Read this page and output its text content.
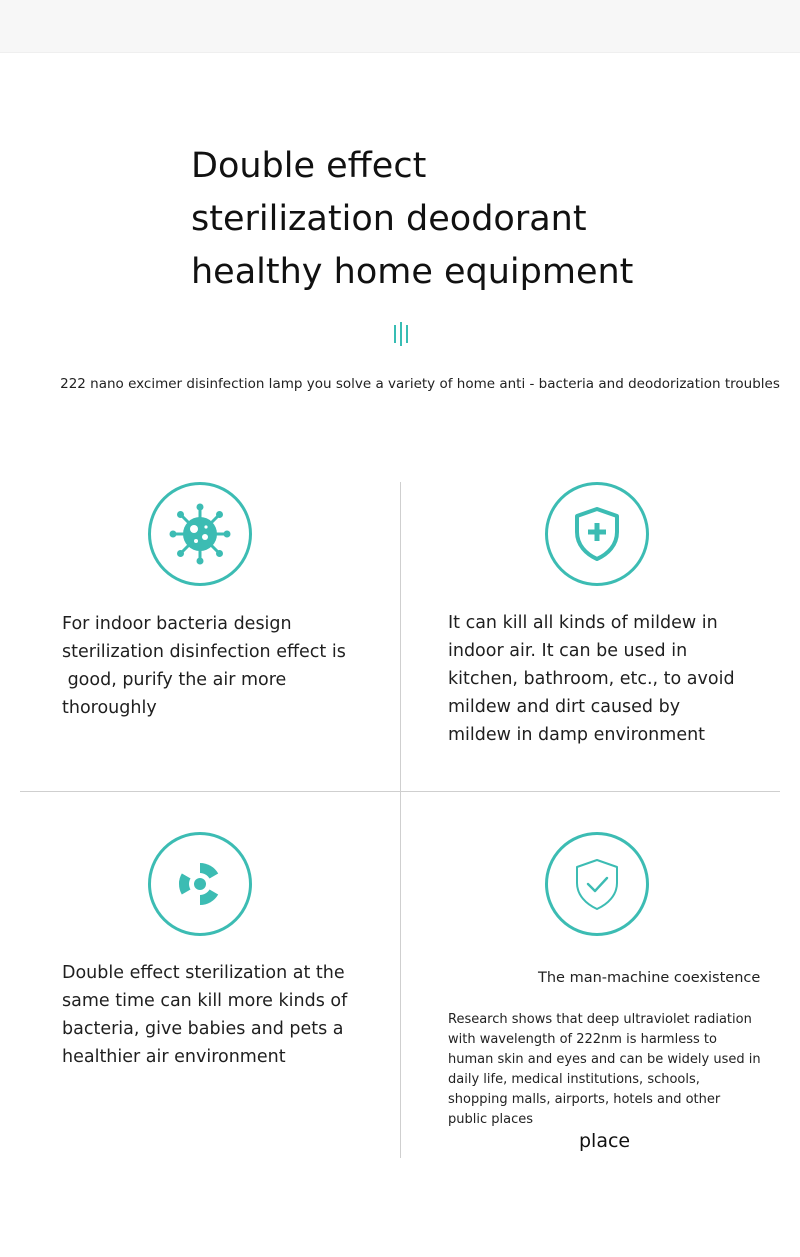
Double effect
sterilization deodorant
healthy home equipment
222 nano excimer disinfection lamp you solve a variety of home anti - bacteria and deodorization troubles
For indoor bacteria design
sterilization disinfection effect is
good, purify the air more
thoroughly
It can kill all kinds of mildew in
indoor air. It can be used in
kitchen, bathroom, etc., to avoid
mildew and dirt caused by
mildew in damp environment
Double effect sterilization at the
same time can kill more kinds of
bacteria, give babies and pets a
healthier air environment
The man-machine coexistence
Research shows that deep ultraviolet radiation
with wavelength of 222nm is harmless to
human skin and eyes and can be widely used in
daily life, medical institutions, schools,
shopping malls, airports, hotels and other
public places
place
